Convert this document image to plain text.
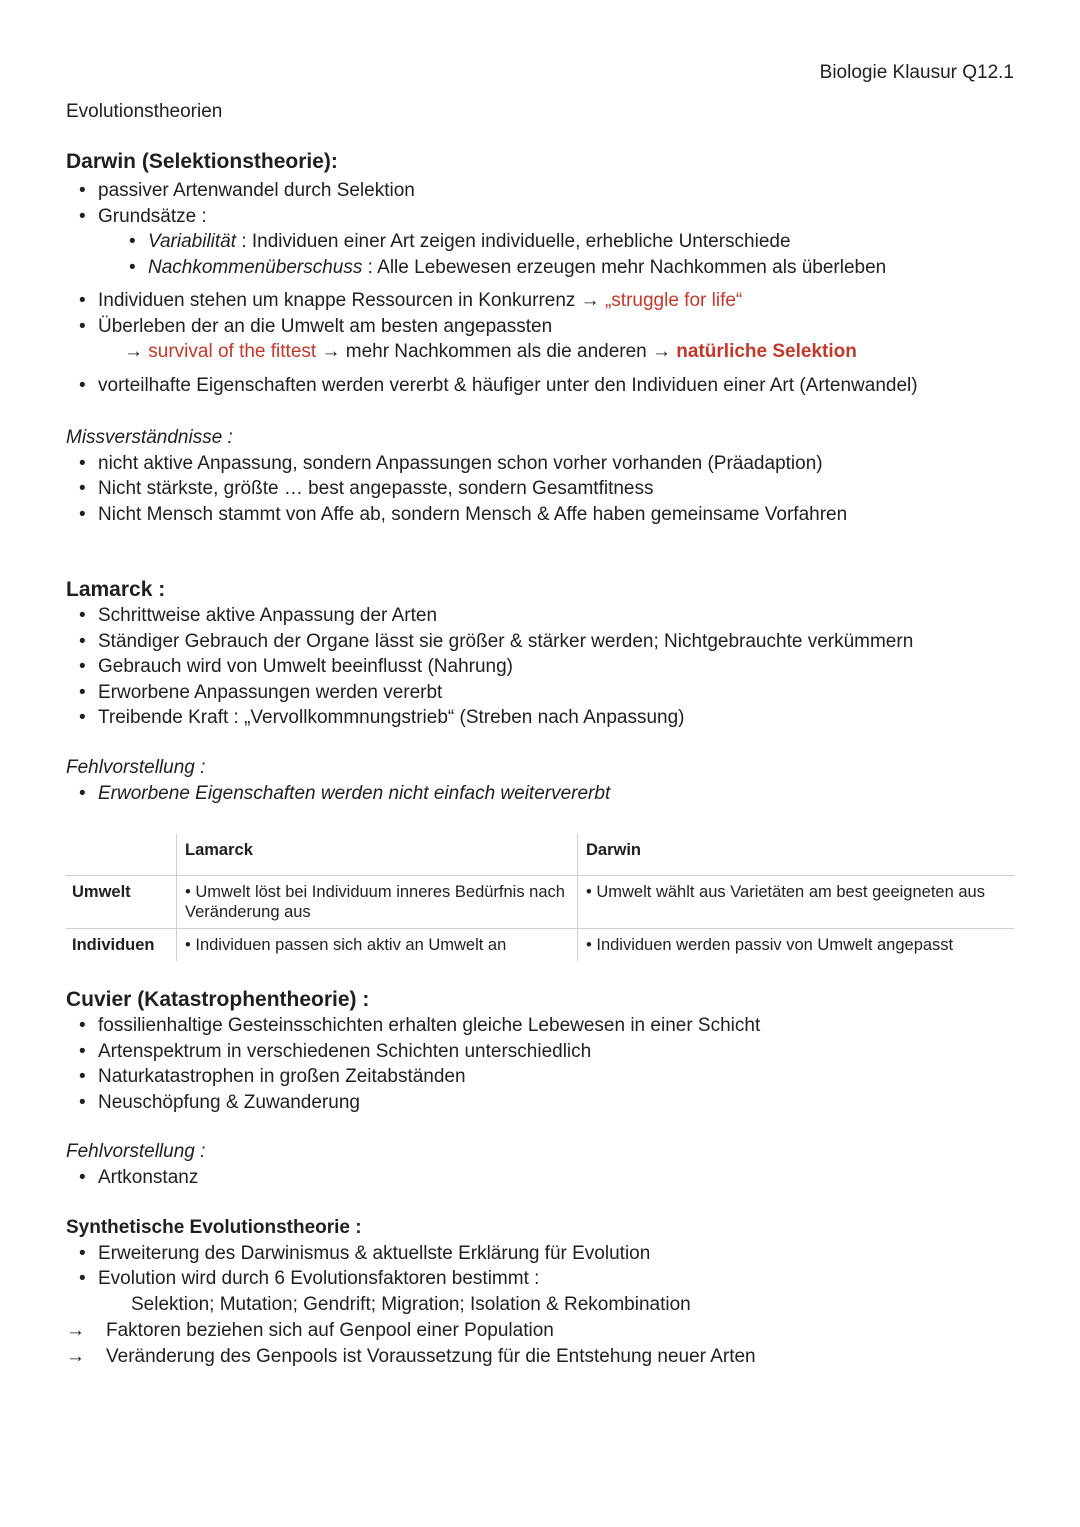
Biologie Klausur Q12.1
Evolutionstheorien
Darwin (Selektionstheorie):
• passiver Artenwandel durch Selektion
• Grundsätze :
• Variabilität : Individuen einer Art zeigen individuelle, erhebliche Unterschiede
• Nachkommenüberschuss : Alle Lebewesen erzeugen mehr Nachkommen als überleben
• Individuen stehen um knappe Ressourcen in Konkurrenz → „struggle for life“
• Überleben der an die Umwelt am besten angepassten
→ survival of the fittest → mehr Nachkommen als die anderen → natürliche Selektion
• vorteilhafte Eigenschaften werden vererbt & häufiger unter den Individuen einer Art (Artenwandel)
Missverständnisse :
• nicht aktive Anpassung, sondern Anpassungen schon vorher vorhanden (Präadaption)
• Nicht stärkste, größte … best angepasste, sondern Gesamtfitness
• Nicht Mensch stammt von Affe ab, sondern Mensch & Affe haben gemeinsame Vorfahren
Lamarck :
• Schrittweise aktive Anpassung der Arten
• Ständiger Gebrauch der Organe lässt sie größer & stärker werden; Nichtgebrauchte verkümmern
• Gebrauch wird von Umwelt beeinflusst (Nahrung)
• Erworbene Anpassungen werden vererbt
• Treibende Kraft : „Vervollkommnungstrieb“ (Streben nach Anpassung)
Fehlvorstellung :
• Erworbene Eigenschaften werden nicht einfach weitervererbt
	Lamarck	Darwin
Umwelt	• Umwelt löst bei Individuum inneres Bedürfnis nach Veränderung aus	• Umwelt wählt aus Varietäten am best geeigneten aus
Individuen	• Individuen passen sich aktiv an Umwelt an	• Individuen werden passiv von Umwelt angepasst
Cuvier (Katastrophentheorie) :
• fossilienhaltige Gesteinsschichten erhalten gleiche Lebewesen in einer Schicht
• Artenspektrum in verschiedenen Schichten unterschiedlich
• Naturkatastrophen in großen Zeitabständen
• Neuschöpfung & Zuwanderung
Fehlvorstellung :
• Artkonstanz
Synthetische Evolutionstheorie :
• Erweiterung des Darwinismus & aktuellste Erklärung für Evolution
• Evolution wird durch 6 Evolutionsfaktoren bestimmt :
Selektion; Mutation; Gendrift; Migration; Isolation & Rekombination
→ Faktoren beziehen sich auf Genpool einer Population
→ Veränderung des Genpools ist Voraussetzung für die Entstehung neuer Arten
